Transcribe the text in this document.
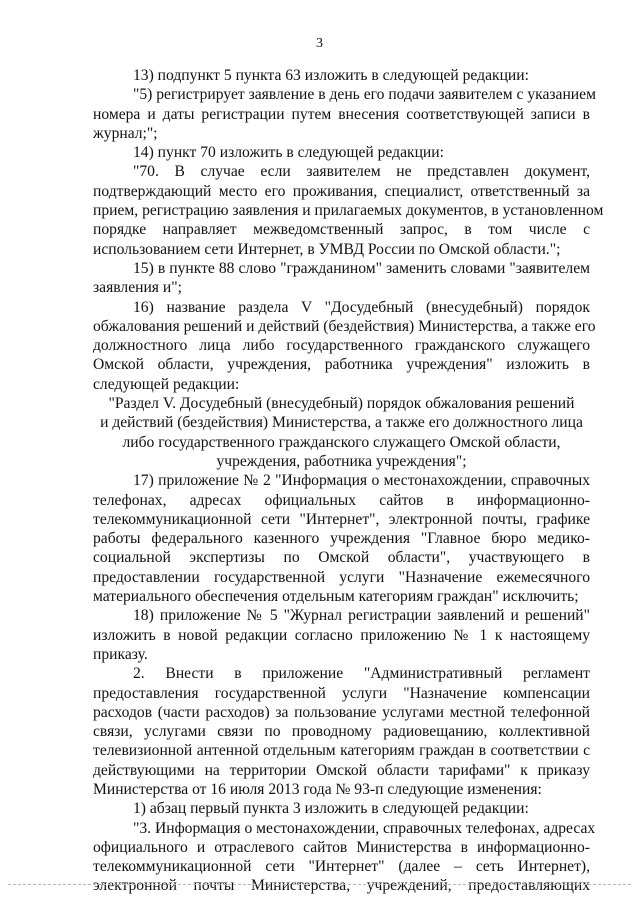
3
13) подпункт 5 пункта 63 изложить в следующей редакции:
"5) регистрирует заявление в день его подачи заявителем с указанием
номера и даты регистрации путем внесения соответствующей записи в
журнал;";
14) пункт 70 изложить в следующей редакции:
"70. В случае если заявителем не представлен документ,
подтверждающий место его проживания, специалист, ответственный за
прием, регистрацию заявления и прилагаемых документов, в установленном
порядке направляет межведомственный запрос, в том числе с
использованием сети Интернет, в УМВД России по Омской области.";
15) в пункте 88 слово "гражданином" заменить словами "заявителем
заявления и";
16) название раздела V "Досудебный (внесудебный) порядок
обжалования решений и действий (бездействия) Министерства, а также его
должностного лица либо государственного гражданского служащего
Омской области, учреждения, работника учреждения" изложить в
следующей редакции:
"Раздел V. Досудебный (внесудебный) порядок обжалования решений
и действий (бездействия) Министерства, а также его должностного лица
либо государственного гражданского служащего Омской области,
учреждения, работника учреждения";
17) приложение № 2 "Информация о местонахождении, справочных
телефонах, адресах официальных сайтов в информационно-
телекоммуникационной сети "Интернет", электронной почты, графике
работы федерального казенного учреждения "Главное бюро медико-
социальной экспертизы по Омской области", участвующего в
предоставлении государственной услуги "Назначение ежемесячного
материального обеспечения отдельным категориям граждан" исключить;
18) приложение № 5 "Журнал регистрации заявлений и решений"
изложить в новой редакции согласно приложению № 1 к настоящему
приказу.
2. Внести в приложение "Административный регламент
предоставления государственной услуги "Назначение компенсации
расходов (части расходов) за пользование услугами местной телефонной
связи, услугами связи по проводному радиовещанию, коллективной
телевизионной антенной отдельным категориям граждан в соответствии с
действующими на территории Омской области тарифами" к приказу
Министерства от 16 июля 2013 года № 93-п следующие изменения:
1) абзац первый пункта 3 изложить в следующей редакции:
"3. Информация о местонахождении, справочных телефонах, адресах
официального и отраслевого сайтов Министерства в информационно-
телекоммуникационной сети "Интернет" (далее – сеть Интернет),
электронной почты Министерства, учреждений, предоставляющих
